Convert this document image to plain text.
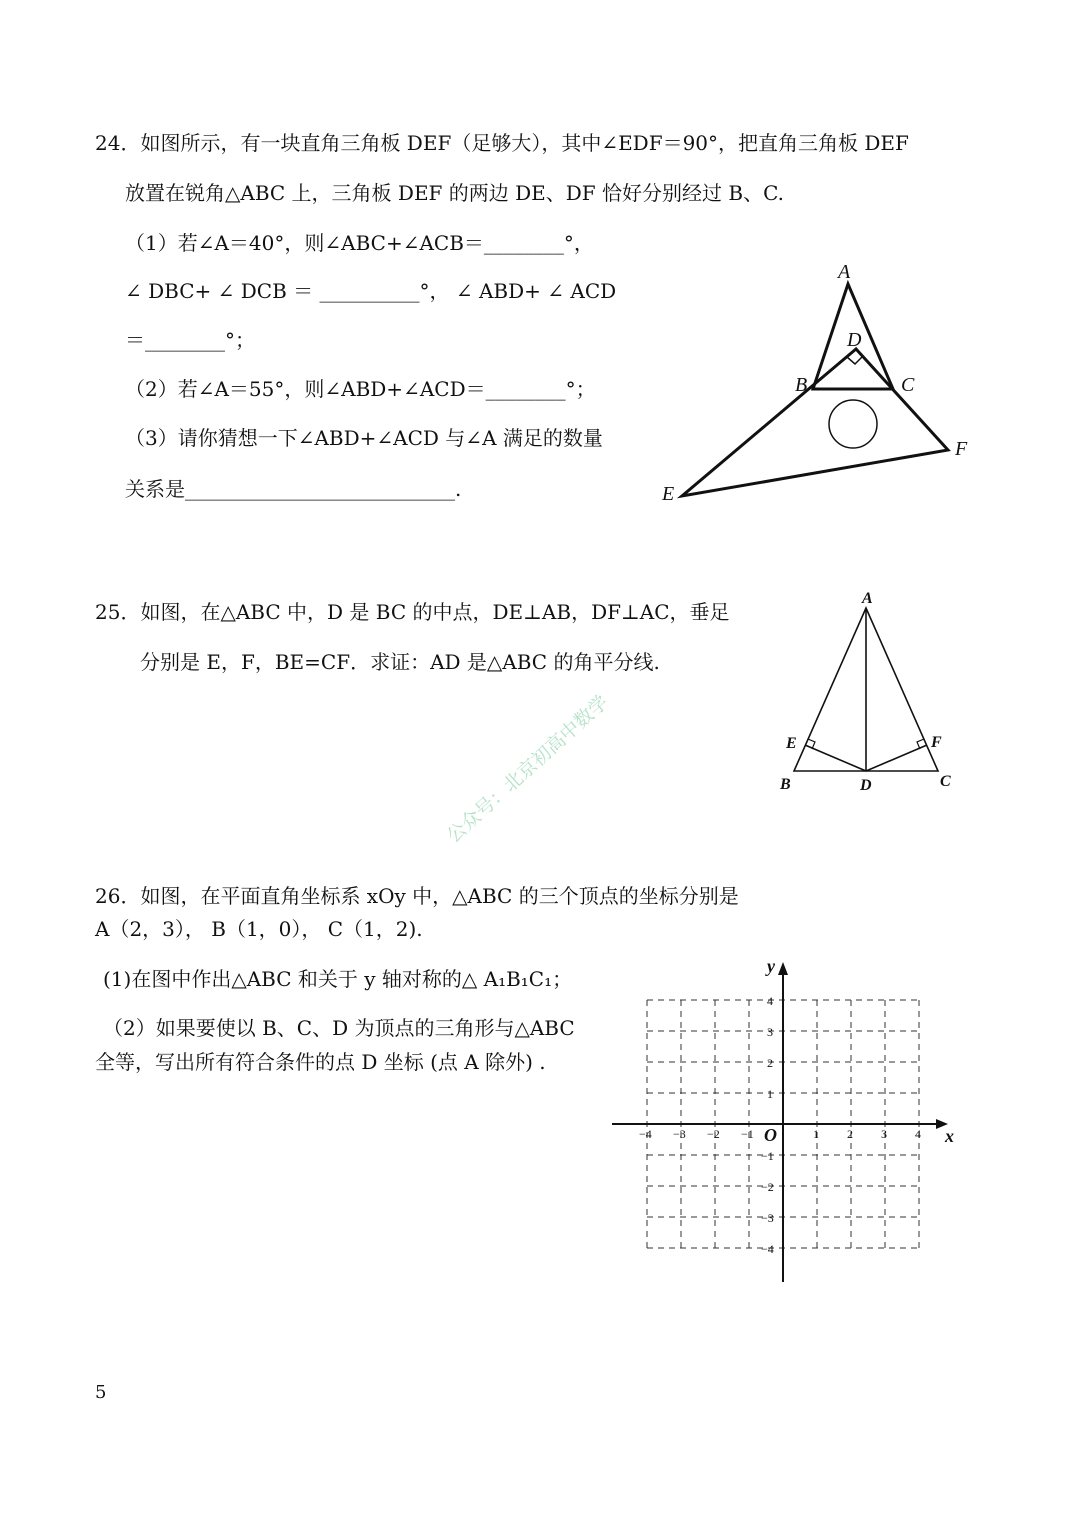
24．如图所示，有一块直角三角板 DEF（足够大），其中∠EDF＝90°，把直角三角板 DEF
放置在锐角△ABC 上，三角板 DEF 的两边 DE、DF 恰好分别经过 B、C.
（1）若∠A＝40°，则∠ABC+∠ACB＝________°，
∠ DBC+ ∠ DCB ＝ __________°， ∠ ABD+ ∠ ACD
＝________°；
（2）若∠A＝55°，则∠ABD+∠ACD＝________°；
（3）请你猜想一下∠ABD+∠ACD 与∠A 满足的数量
关系是___________________________.
A
B	C
D
E
F
25．如图，在△ABC 中，D 是 BC 的中点，DE⊥AB，DF⊥AC，垂足
分别是 E，F，BE=CF．求证：AD 是△ABC 的角平分线.
A
B	C
D
E	F
公众号：北京初高中数学
26．如图，在平面直角坐标系 xOy 中，△ABC 的三个顶点的坐标分别是
A（2，3）， B（1，0）， C（1，2).
(1)在图中作出△ABC 和关于 y 轴对称的△ A₁B₁C₁；
（2）如果要使以 B、C、D 为顶点的三角形与△ABC
全等，写出所有符合条件的点 D 坐标 (点 A 除外) .
x
y
O
−4 −3 −2 −1	1 2 3 4
4
3
2
1
−1
−2
−3
−4
5
